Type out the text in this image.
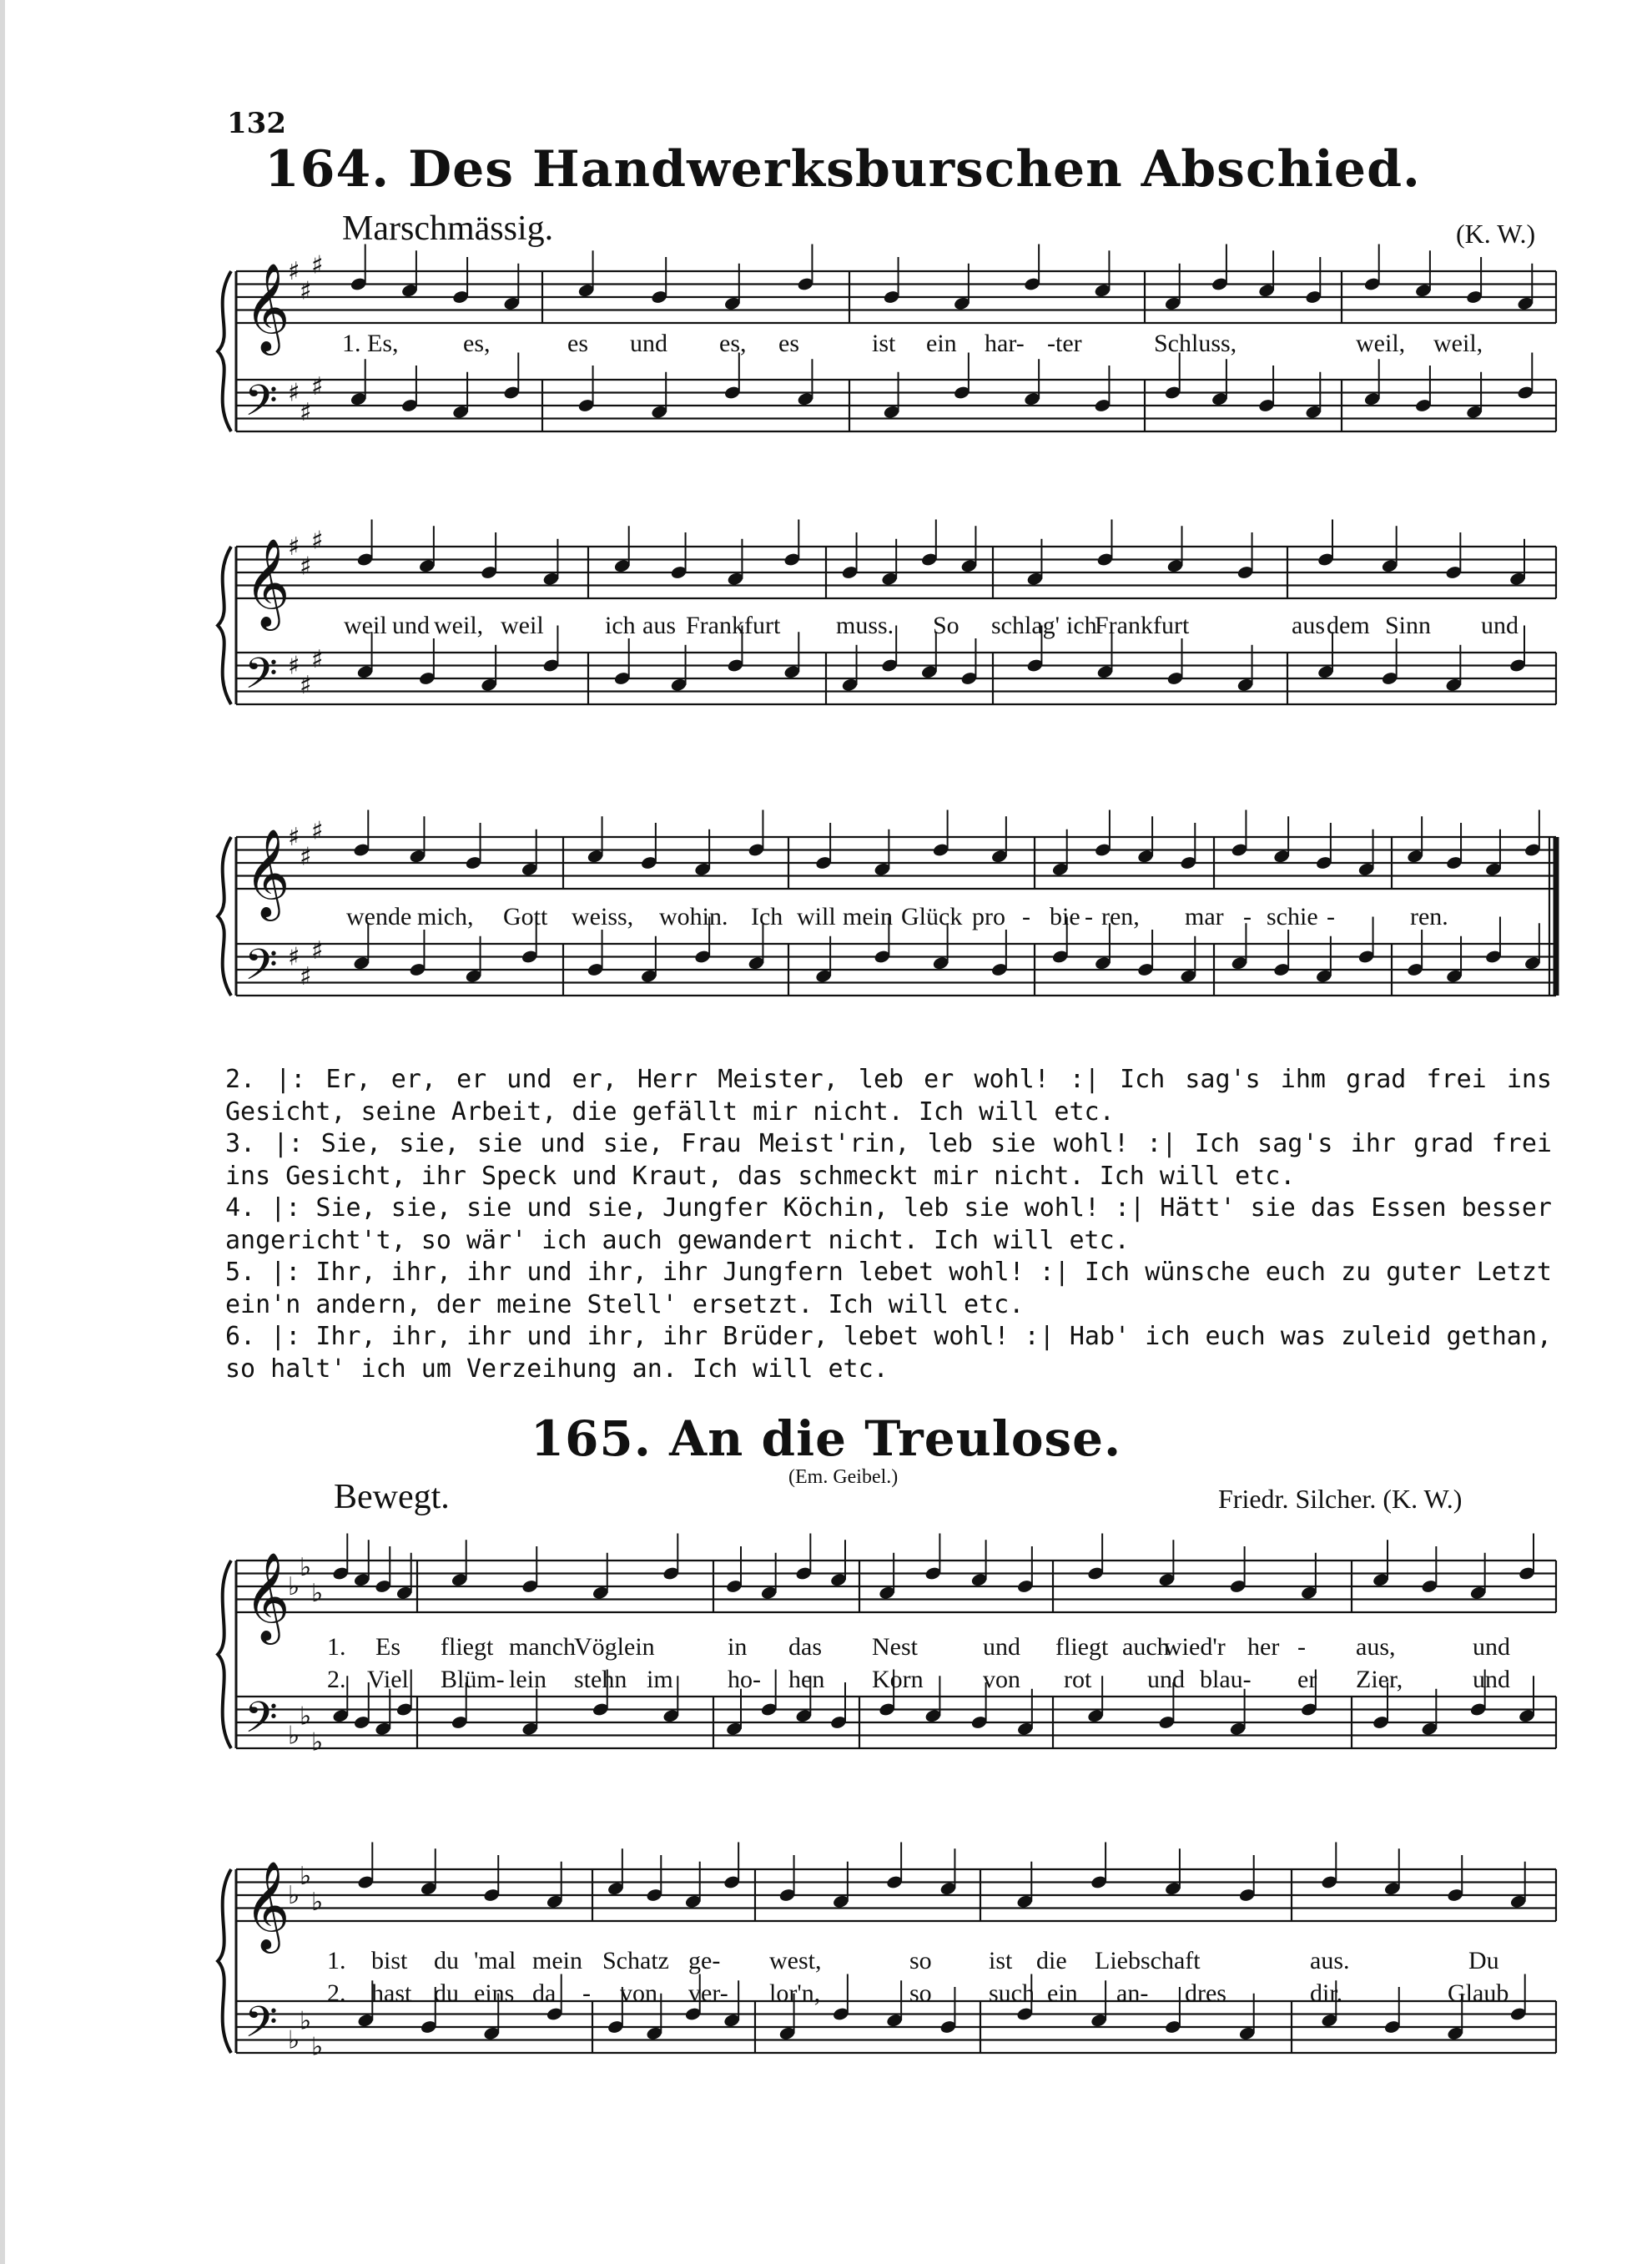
132
164. Des Handwerksburschen Abschied.
Marschmässig.	(K. W.)
𝄞
𝄢
♯
♯
♯
♯
♯
♯
𝄞
𝄢
♯
♯
♯
♯
♯
♯
𝄞
𝄢
♯
♯
♯
♯
♯
♯
𝄞
𝄢
♭
♭
♭
♭
♭
♭
𝄞
𝄢
♭
♭
♭
♭
♭
♭
1. Es,	es,	es und es, es	ist ein har- -ter	Schluss,	weil, weil,
weil und weil, weil ich aus Frankfurt muss. So schlag' ich
Frankfurt	aus dem Sinn und
wende mich, Gott weiss, wohin. Ich will mein Glück pro - bie - ren, mar - schie -	ren.
2. |: Er, er, er und er, Herr Meister, leb er wohl! :| Ich sag's ihm grad frei ins Gesicht, seine Arbeit, die gefällt mir nicht. Ich will etc.
3. |: Sie, sie, sie und sie, Frau Meist'rin, leb sie wohl! :| Ich sag's ihr grad frei ins Gesicht, ihr Speck und Kraut, das schmeckt mir nicht. Ich will etc.
4. |: Sie, sie, sie und sie, Jungfer Köchin, leb sie wohl! :| Hätt' sie das Essen besser angericht't, so wär' ich auch gewandert nicht. Ich will etc.
5. |: Ihr, ihr, ihr und ihr, ihr Jungfern lebet wohl! :| Ich wünsche euch zu guter Letzt ein'n andern, der meine Stell' ersetzt. Ich will etc.
6. |: Ihr, ihr, ihr und ihr, ihr Brüder, lebet wohl! :| Hab' ich euch was zuleid gethan, so halt' ich um Verzeihung an. Ich will etc.
165. An die Treulose.
(Em. Geibel.)
Bewegt.	Friedr. Silcher. (K. W.)
1. Es fliegt manch
Vöglein	in das Nest	und fliegt auch
wied'r her - aus,	und
2. Viel Blüm- lein stehn im ho- hen Korn von rot und blau- er Zier,	und
1. bist du 'mal mein Schatz ge- west,	so ist die Liebschaft	aus.	Du
2. hast du eins da - von ver- lor'n,	so such ein an- dres	dir.	Glaub
